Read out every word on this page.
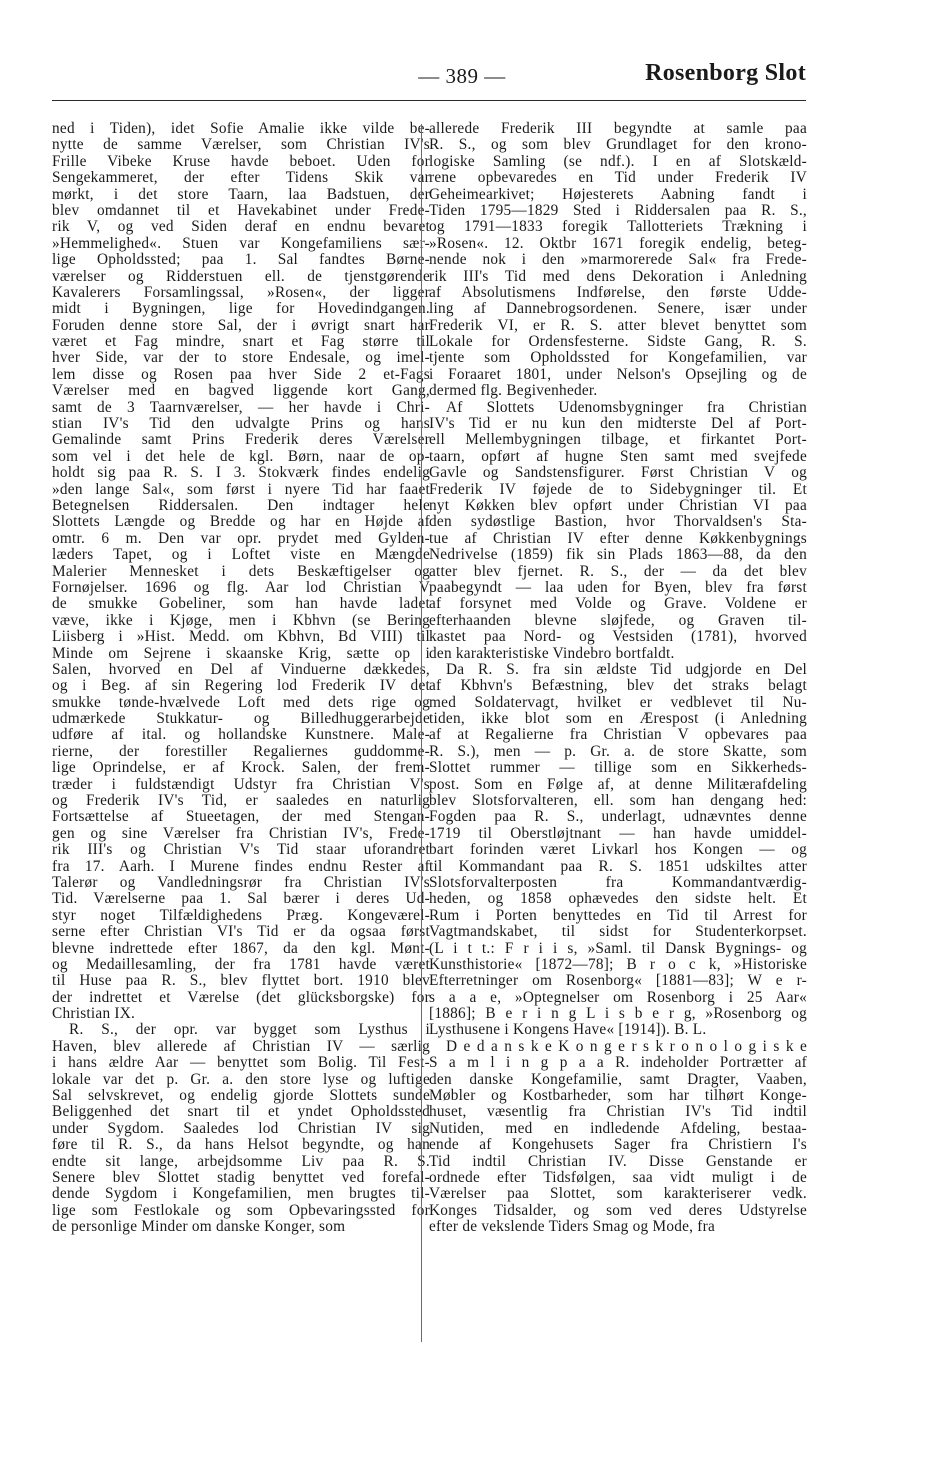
— 389 —	Rosenborg Slot
ned i Tiden), idet Sofie Amalie ikke vilde be-
nytte de samme Værelser, som Christian IV's
Frille Vibeke Kruse havde beboet. Uden for
Sengekammeret, der efter Tidens Skik var
mørkt, i det store Taarn, laa Badstuen, der
blev omdannet til et Havekabinet under Frede-
rik V, og ved Siden deraf en endnu bevaret
»Hemmelighed«. Stuen var Kongefamiliens sær-
lige Opholdssted; paa 1. Sal fandtes Børne-
værelser og Ridderstuen ell. de tjenstgørende
Kavalerers Forsamlingssal, »Rosen«, der ligger
midt i Bygningen, lige for Hovedindgangen.
Foruden denne store Sal, der i øvrigt snart har
været et Fag mindre, snart et Fag større til
hver Side, var der to store Endesale, og imel-
lem disse og Rosen paa hver Side 2 et-Fags
Værelser med en bagved liggende kort Gang,
samt de 3 Taarnværelser, — her havde i Chri-
stian IV's Tid den udvalgte Prins og hans
Gemalinde samt Prins Frederik deres Værelser
som vel i det hele de kgl. Børn, naar de op-
holdt sig paa R. S. I 3. Stokværk findes endelig
»den lange Sal«, som først i nyere Tid har faaet
Betegnelsen Riddersalen. Den indtager hele
Slottets Længde og Bredde og har en Højde af
omtr. 6 m. Den var opr. prydet med Gylden-
læders Tapet, og i Loftet viste en Mængde
Malerier Mennesket i dets Beskæftigelser og
Fornøjelser. 1696 og flg. Aar lod Christian V
de smukke Gobeliner, som han havde ladet
væve, ikke i Kjøge, men i Kbhvn (se Bering
Liisberg i »Hist. Medd. om Kbhvn, Bd VIII) til
Minde om Sejrene i skaanske Krig, sætte op i
Salen, hvorved en Del af Vinduerne dækkedes,
og i Beg. af sin Regering lod Frederik IV det
smukke tønde-hvælvede Loft med dets rige og
udmærkede Stukkatur- og Billedhuggerarbejde
udføre af ital. og hollandske Kunstnere. Male-
rierne, der forestiller Regaliernes guddomme-
lige Oprindelse, er af Krock. Salen, der frem-
træder i fuldstændigt Udstyr fra Christian V's
og Frederik IV's Tid, er saaledes en naturlig
Fortsættelse af Stueetagen, der med Stengan-
gen og sine Værelser fra Christian IV's, Frede-
rik III's og Christian V's Tid staar uforandret
fra 17. Aarh. I Murene findes endnu Rester af
Talerør og Vandledningsrør fra Christian IV's
Tid. Værelserne paa 1. Sal bærer i deres Ud-
styr noget Tilfældighedens Præg. Kongeværel-
serne efter Christian VI's Tid er da ogsaa først
blevne indrettede efter 1867, da den kgl. Mønt-
og Medaillesamling, der fra 1781 havde været
til Huse paa R. S., blev flyttet bort. 1910 blev
der indrettet et Værelse (det glücksborgske) for
Christian IX.
R. S., der opr. var bygget som Lysthus i
Haven, blev allerede af Christian IV — særlig
i hans ældre Aar — benyttet som Bolig. Til Fest-
lokale var det p. Gr. a. den store lyse og luftige
Sal selvskrevet, og endelig gjorde Slottets sunde
Beliggenhed det snart til et yndet Opholdssted
under Sygdom. Saaledes lod Christian IV sig
føre til R. S., da hans Helsot begyndte, og han
endte sit lange, arbejdsomme Liv paa R. S.
Senere blev Slottet stadig benyttet ved forefal-
dende Sygdom i Kongefamilien, men brugtes til-
lige som Festlokale og som Opbevaringssted for
de personlige Minder om danske Konger, som
allerede Frederik III begyndte at samle paa
R. S., og som blev Grundlaget for den krono-
logiske Samling (se ndf.). I en af Slotskæld-
rene opbevaredes en Tid under Frederik IV
Geheimearkivet; Højesterets Aabning fandt i
Tiden 1795—1829 Sted i Riddersalen paa R. S.,
og 1791—1833 foregik Tallotteriets Trækning i
»Rosen«. 12. Oktbr 1671 foregik endelig, beteg-
nende nok i den »marmorerede Sal« fra Frede-
rik III's Tid med dens Dekoration i Anledning
af Absolutismens Indførelse, den første Udde-
ling af Dannebrogsordenen. Senere, især under
Frederik VI, er R. S. atter blevet benyttet som
Lokale for Ordensfesterne. Sidste Gang, R. S.
tjente som Opholdssted for Kongefamilien, var
i Foraaret 1801, under Nelson's Opsejling og de
dermed flg. Begivenheder.
Af Slottets Udenomsbygninger fra Christian
IV's Tid er nu kun den midterste Del af Port-
ell Mellembygningen tilbage, et firkantet Port-
taarn, opført af hugne Sten samt med svejfede
Gavle og Sandstensfigurer. Først Christian V og
Frederik IV føjede de to Sidebygninger til. Et
nyt Køkken blev opført under Christian VI paa
den sydøstlige Bastion, hvor Thorvaldsen's Sta-
tue af Christian IV efter denne Køkkenbygnings
Nedrivelse (1859) fik sin Plads 1863—88, da den
atter blev fjernet. R. S., der — da det blev
paabegyndt — laa uden for Byen, blev fra først
af forsynet med Volde og Grave. Voldene er
efterhaanden blevne sløjfede, og Graven til-
kastet paa Nord- og Vestsiden (1781), hvorved
den karakteristiske Vindebro bortfaldt.
Da R. S. fra sin ældste Tid udgjorde en Del
af Kbhvn's Befæstning, blev det straks belagt
med Soldatervagt, hvilket er vedblevet til Nu-
tiden, ikke blot som en Ærespost (i Anledning
af at Regalierne fra Christian V opbevares paa
R. S.), men — p. Gr. a. de store Skatte, som
Slottet rummer — tillige som en Sikkerheds-
post. Som en Følge af, at denne Militærafdeling
blev Slotsforvalteren, ell. som han dengang hed:
Fogden paa R. S., underlagt, udnævntes denne
1719 til Oberstløjtnant — han havde umiddel-
bart forinden været Livkarl hos Kongen — og
til Kommandant paa R. S. 1851 udskiltes atter
Slotsforvalterposten fra Kommandantværdig-
heden, og 1858 ophævedes den sidste helt. Et
Rum i Porten benyttedes en Tid til Arrest for
Vagtmandskabet, til sidst for Studenterkorpset.
(L i t t.: F r i i s, »Saml. til Dansk Bygnings- og
Kunsthistorie« [1872—78]; B r o c k, »Historiske
Efterretninger om Rosenborg« [1881—83]; W e r-
s a a e, »Optegnelser om Rosenborg i 25 Aar«
[1886]; B e r i n g L i s b e r g, »Rosenborg og
Lysthusene i Kongens Have« [1914]). B. L.
D e d a n s k e K o n g e r s k r o n o l o g i s k e
S a m l i n g p a a R. indeholder Portrætter af
den danske Kongefamilie, samt Dragter, Vaaben,
Møbler og Kostbarheder, som har tilhørt Konge-
huset, væsentlig fra Christian IV's Tid indtil
Nutiden, med en indledende Afdeling, bestaa-
ende af Kongehusets Sager fra Christiern I's
Tid indtil Christian IV. Disse Genstande er
ordnede efter Tidsfølgen, saa vidt muligt i de
Værelser paa Slottet, som karakteriserer vedk.
Konges Tidsalder, og som ved deres Udstyrelse
efter de vekslende Tiders Smag og Mode, fra
